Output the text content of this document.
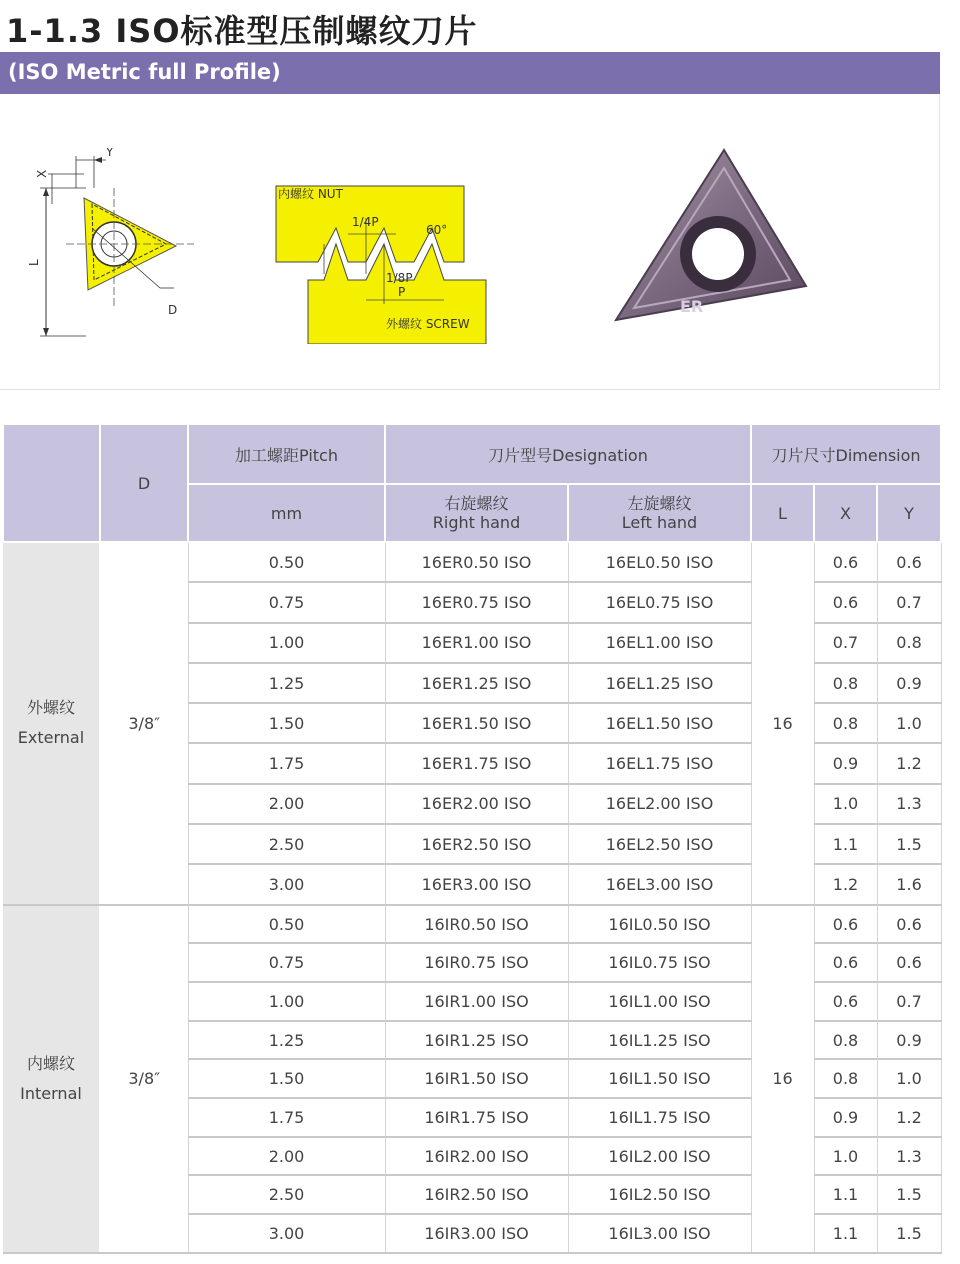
1-1.3 ISO标准型压制螺纹刀片
(ISO Metric full Profile)
X
Y
L
D
内螺纹 NUT
1/4P
60°
1/8P
P
外螺纹 SCREW
ER
	D	加工螺距Pitch	刀片型号Designation		刀片尺寸Dimension		
		mm	右旋螺纹
Right hand	左旋螺纹
Left hand	L	X	Y

外螺纹
External	3/8″	0.50	16ER0.50 ISO	16EL0.50 ISO	16	0.6	0.6
		0.75	16ER0.75 ISO	16EL0.75 ISO		0.6	0.7
		1.00	16ER1.00 ISO	16EL1.00 ISO		0.7	0.8
		1.25	16ER1.25 ISO	16EL1.25 ISO		0.8	0.9
		1.50	16ER1.50 ISO	16EL1.50 ISO		0.8	1.0
		1.75	16ER1.75 ISO	16EL1.75 ISO		0.9	1.2
		2.00	16ER2.00 ISO	16EL2.00 ISO		1.0	1.3
		2.50	16ER2.50 ISO	16EL2.50 ISO		1.1	1.5
		3.00	16ER3.00 ISO	16EL3.00 ISO		1.2	1.6

内螺纹
Internal	3/8″	0.50	16IR0.50 ISO	16IL0.50 ISO	16	0.6	0.6
		0.75	16IR0.75 ISO	16IL0.75 ISO		0.6	0.6
		1.00	16IR1.00 ISO	16IL1.00 ISO		0.6	0.7
		1.25	16IR1.25 ISO	16IL1.25 ISO		0.8	0.9
		1.50	16IR1.50 ISO	16IL1.50 ISO		0.8	1.0
		1.75	16IR1.75 ISO	16IL1.75 ISO		0.9	1.2
		2.00	16IR2.00 ISO	16IL2.00 ISO		1.0	1.3
		2.50	16IR2.50 ISO	16IL2.50 ISO		1.1	1.5
		3.00	16IR3.00 ISO	16IL3.00 ISO		1.1	1.5
